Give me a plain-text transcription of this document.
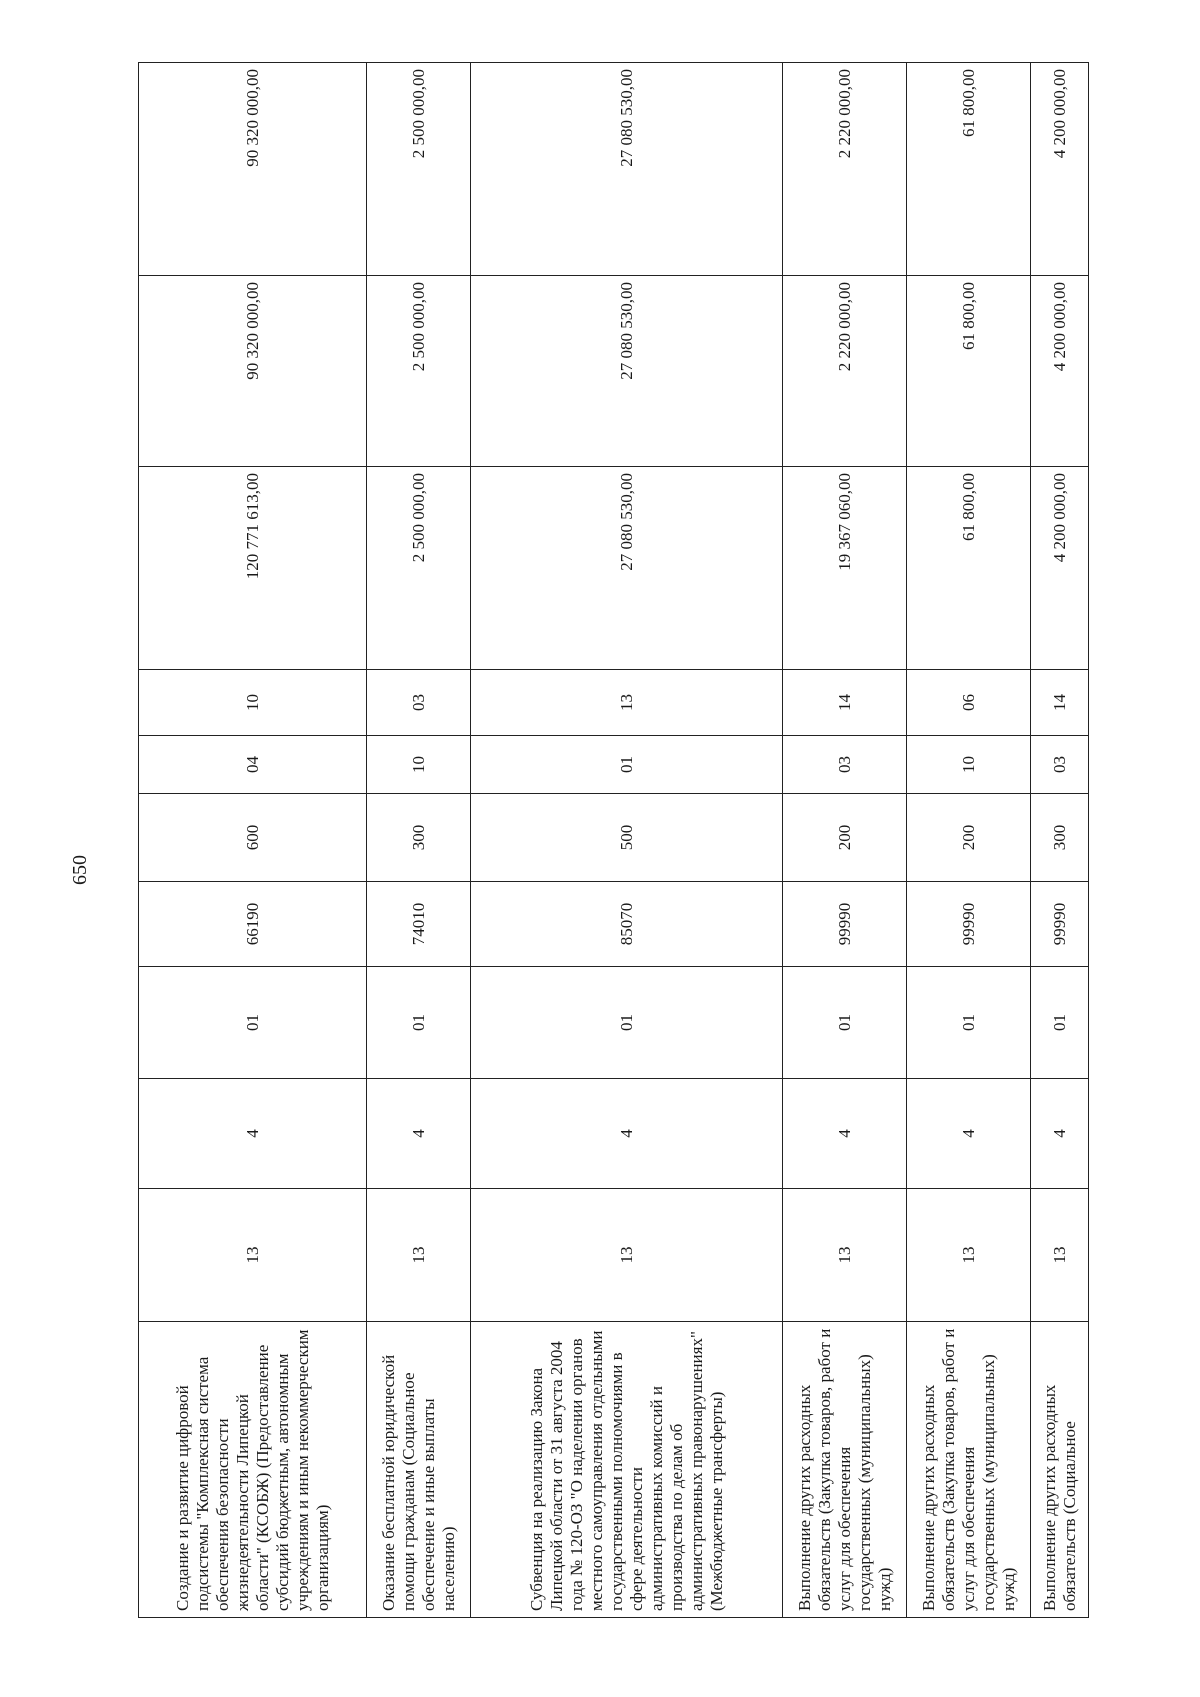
650
Создание и развитие цифровой подсистемы "Комплексная система обеспечения безопасности жизнедеятельности Липецкой области" (КСОБЖ) (Предоставление субсидий бюджетным, автономным учреждениям и иным некоммерческим организациям)	13	4	01	66190	600	04	10	120 771 613,00	90 320 000,00	90 320 000,00
Оказание бесплатной юридической помощи гражданам (Социальное обеспечение и иные выплаты населению)	13	4	01	74010	300	10	03	2 500 000,00	2 500 000,00	2 500 000,00
Субвенция на реализацию Закона Липецкой области от 31 августа 2004 года № 120-ОЗ "О наделении органов местного самоуправления отдельными государственными полномочиями в сфере деятельности административных комиссий и производства по делам об административных правонарушениях" (Межбюджетные трансферты)	13	4	01	85070	500	01	13	27 080 530,00	27 080 530,00	27 080 530,00
Выполнение других расходных обязательств (Закупка товаров, работ и услуг для обеспечения государственных (муниципальных) нужд)	13	4	01	99990	200	03	14	19 367 060,00	2 220 000,00	2 220 000,00
Выполнение других расходных обязательств (Закупка товаров, работ и услуг для обеспечения государственных (муниципальных) нужд)	13	4	01	99990	200	10	06	61 800,00	61 800,00	61 800,00
Выполнение других расходных обязательств (Социальное	13	4	01	99990	300	03	14	4 200 000,00	4 200 000,00	4 200 000,00
